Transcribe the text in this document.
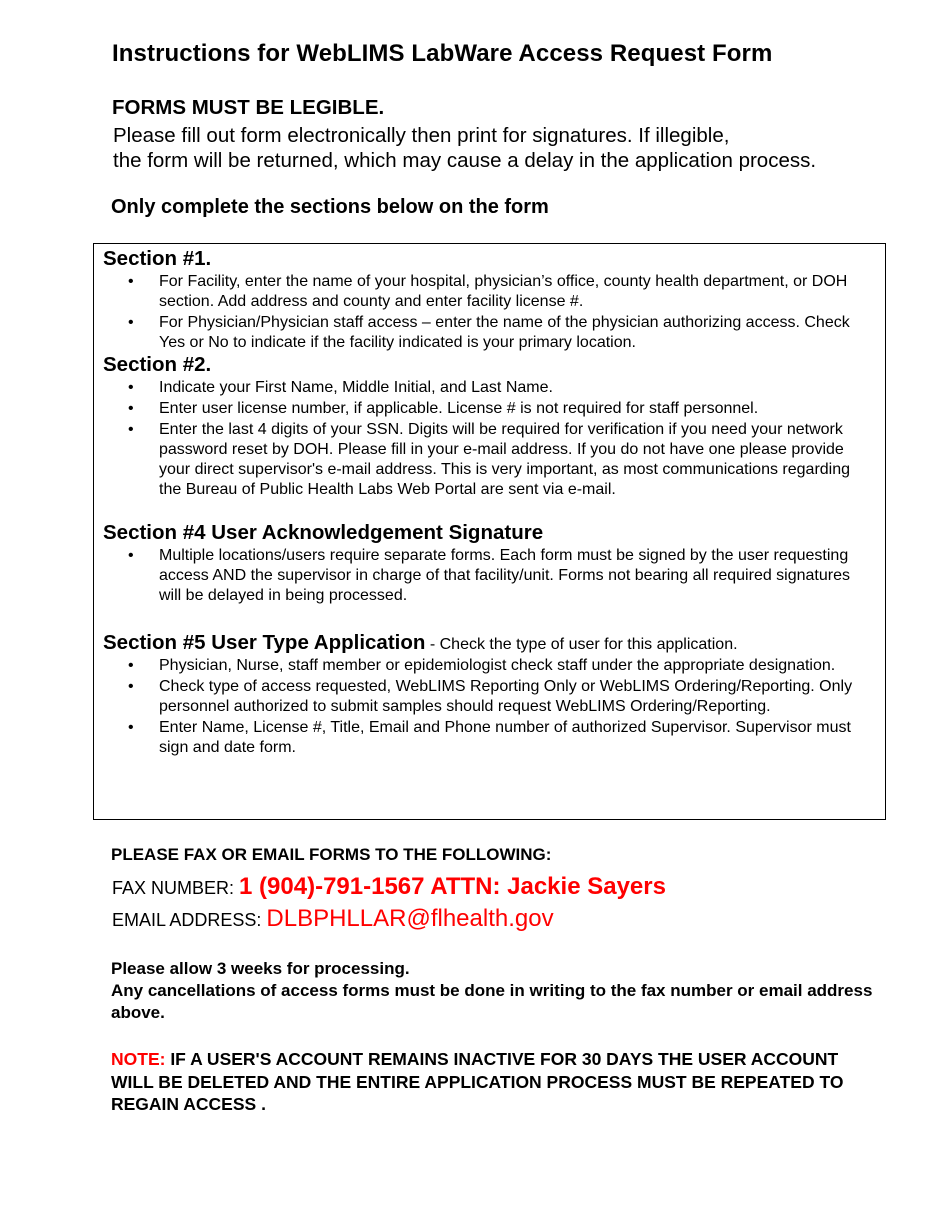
Instructions for WebLIMS LabWare Access Request Form
FORMS MUST BE LEGIBLE.
Please fill out form electronically then print for signatures. If illegible,
the form will be returned, which may cause a delay in the application process.
Only complete the sections below on the form
Section #1.
• For Facility, enter the name of your hospital, physician’s office, county health department, or DOH section. Add address and county and enter facility license #.
• For Physician/Physician staff access – enter the name of the physician authorizing access. Check Yes or No to indicate if the facility indicated is your primary location.
Section #2.
• Indicate your First Name, Middle Initial, and Last Name.
• Enter user license number, if applicable. License # is not required for staff personnel.
• Enter the last 4 digits of your SSN. Digits will be required for verification if you need your network password reset by DOH. Please fill in your e-mail address. If you do not have one please provide your direct supervisor's e-mail address. This is very important, as most communications regarding the Bureau of Public Health Labs Web Portal are sent via e-mail.
Section #4 User Acknowledgement Signature
• Multiple locations/users require separate forms. Each form must be signed by the user requesting access AND the supervisor in charge of that facility/unit. Forms not bearing all required signatures will be delayed in being processed.
Section #5 User Type Application - Check the type of user for this application.
• Physician, Nurse, staff member or epidemiologist check staff under the appropriate designation.
• Check type of access requested, WebLIMS Reporting Only or WebLIMS Ordering/Reporting. Only personnel authorized to submit samples should request WebLIMS Ordering/Reporting.
• Enter Name, License #, Title, Email and Phone number of authorized Supervisor. Supervisor must sign and date form.
PLEASE FAX OR EMAIL FORMS TO THE FOLLOWING:
FAX NUMBER: 1 (904)-791-1567 ATTN: Jackie Sayers
EMAIL ADDRESS: DLBPHLLAR@flhealth.gov
Please allow 3 weeks for processing.
Any cancellations of access forms must be done in writing to the fax number or email address above.
NOTE: IF A USER'S ACCOUNT REMAINS INACTIVE FOR 30 DAYS THE USER ACCOUNT WILL BE DELETED AND THE ENTIRE APPLICATION PROCESS MUST BE REPEATED TO REGAIN ACCESS .
